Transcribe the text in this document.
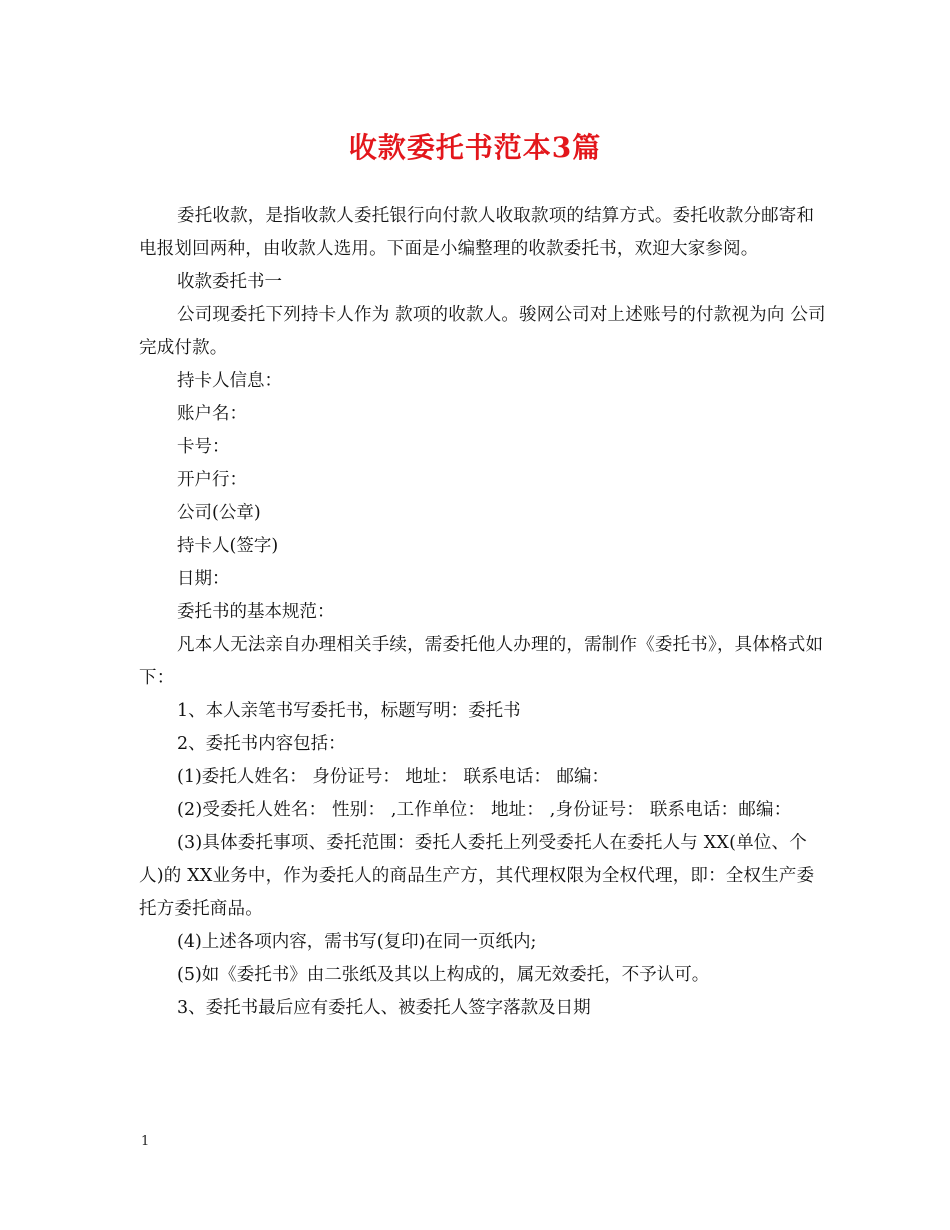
收款委托书范本3篇

委托收款，是指收款人委托银行向付款人收取款项的结算方式。委托收款分邮寄和电报划回两种，由收款人选用。下面是小编整理的收款委托书，欢迎大家参阅。

收款委托书一

公司现委托下列持卡人作为 款项的收款人。骏网公司对上述账号的付款视为向 公司完成付款。

持卡人信息：

账户名：

卡号：

开户行：

公司(公章)

持卡人(签字)

日期：

委托书的基本规范：

凡本人无法亲自办理相关手续，需委托他人办理的，需制作《委托书》，具体格式如下：

1、本人亲笔书写委托书，标题写明：委托书

2、委托书内容包括：

(1)委托人姓名： 身份证号： 地址： 联系电话： 邮编：

(2)受委托人姓名： 性别： ,工作单位： 地址： ,身份证号： 联系电话：邮编：

(3)具体委托事项、委托范围：委托人委托上列受委托人在委托人与 XX(单位、个人)的 XX业务中，作为委托人的商品生产方，其代理权限为全权代理，即：全权生产委托方委托商品。

(4)上述各项内容，需书写(复印)在同一页纸内;

(5)如《委托书》由二张纸及其以上构成的，属无效委托，不予认可。

3、委托书最后应有委托人、被委托人签字落款及日期

1
